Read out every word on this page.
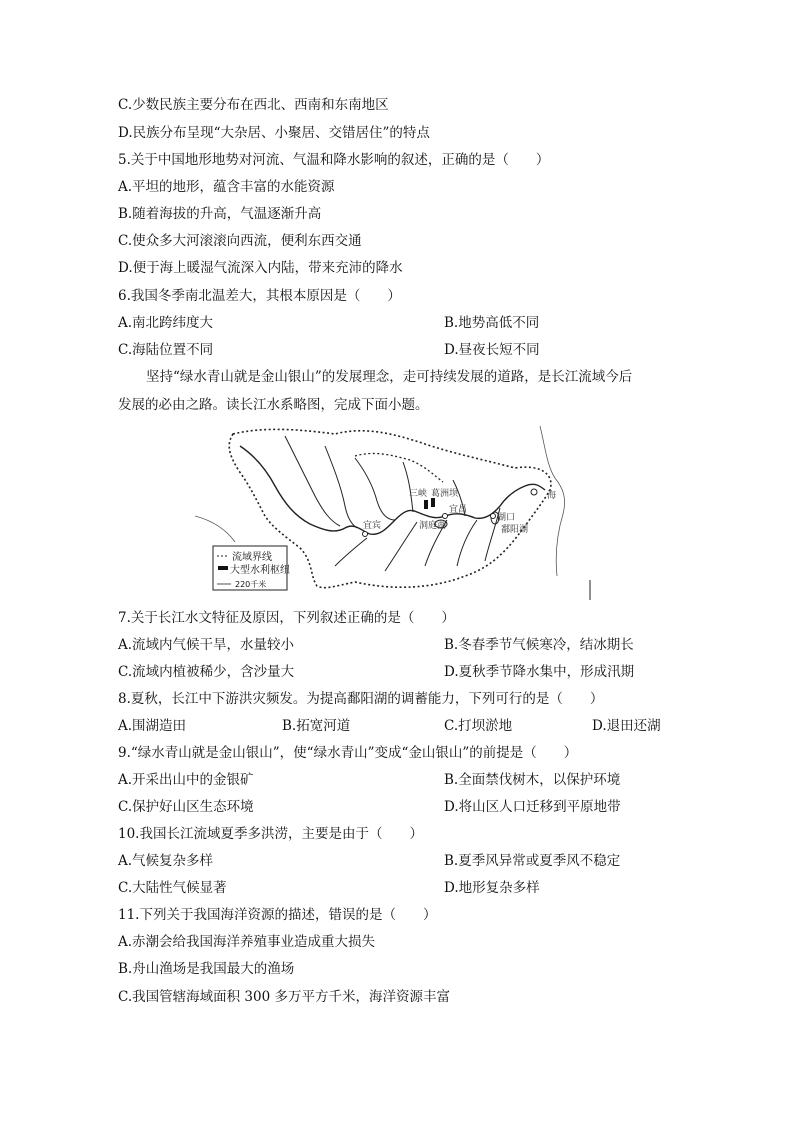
C.少数民族主要分布在西北、西南和东南地区
D.民族分布呈现“大杂居、小聚居、交错居住”的特点
5.关于中国地形地势对河流、气温和降水影响的叙述，正确的是（　　）
A.平坦的地形，蕴含丰富的水能资源
B.随着海拔的升高，气温逐渐升高
C.使众多大河滚滚向西流，便利东西交通
D.便于海上暖湿气流深入内陆，带来充沛的降水
6.我国冬季南北温差大，其根本原因是（　　）
A.南北跨纬度大	B.地势高低不同
C.海陆位置不同	D.昼夜长短不同
坚持“绿水青山就是金山银山”的发展理念，走可持续发展的道路，是长江流域今后
发展的必由之路。读长江水系略图，完成下面小题。
三峡 葛洲坝
宜宾
宜昌
洞庭湖
湖口
鄱阳湖
海
流域界线
大型水利枢纽
220千米
7.关于长江水文特征及原因，下列叙述正确的是（　　）
A.流域内气候干旱，水量较小	B.冬春季节气候寒冷，结冰期长
C.流域内植被稀少，含沙量大	D.夏秋季节降水集中，形成汛期
8.夏秋，长江中下游洪灾频发。为提高鄱阳湖的调蓄能力，下列可行的是（　　）
A.围湖造田	B.拓宽河道	C.打坝淤地	D.退田还湖
9.“绿水青山就是金山银山”，使“绿水青山”变成“金山银山”的前提是（　　）
A.开采出山中的金银矿	B.全面禁伐树木，以保护环境
C.保护好山区生态环境	D.将山区人口迁移到平原地带
10.我国长江流域夏季多洪涝，主要是由于（　　）
A.气候复杂多样	B.夏季风异常或夏季风不稳定
C.大陆性气候显著	D.地形复杂多样
11.下列关于我国海洋资源的描述，错误的是（　　）
A.赤潮会给我国海洋养殖事业造成重大损失
B.舟山渔场是我国最大的渔场
C.我国管辖海域面积 300 多万平方千米，海洋资源丰富
